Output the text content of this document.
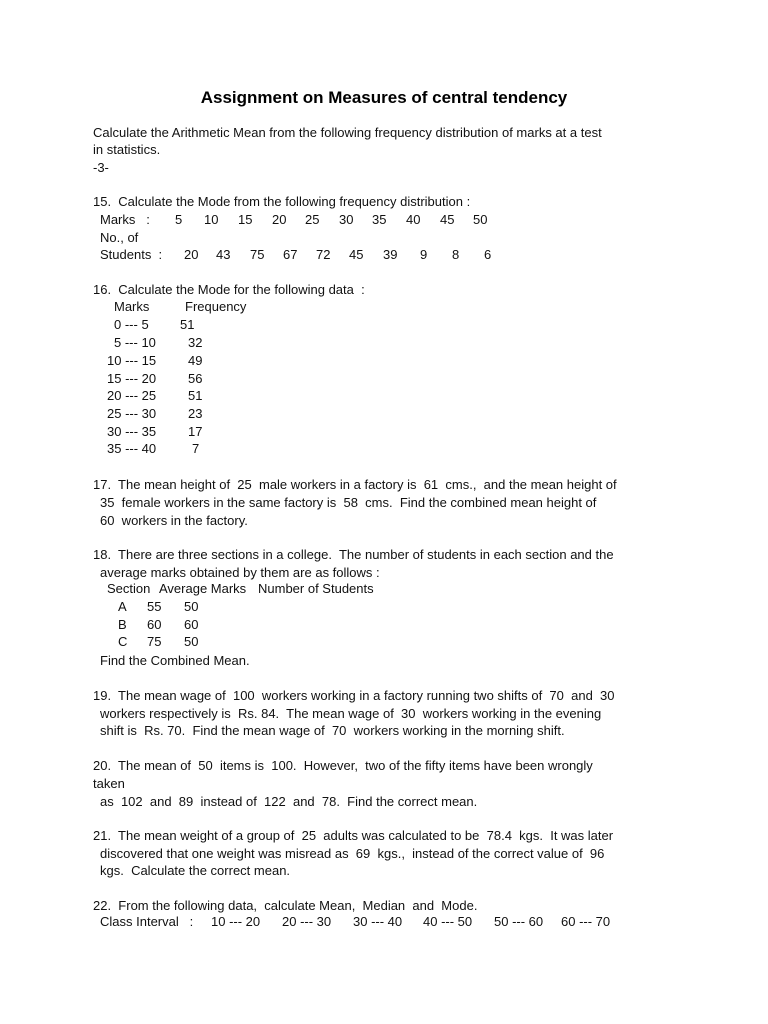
Assignment on Measures of central tendency
Calculate the Arithmetic Mean from the following frequency distribution of marks at a test
in statistics.
-3-
15.  Calculate the Mode from the following frequency distribution :
Marks   : 5 10 15 20 25 30 35 40 45 50
No., of
Students  : 20 43 75 67 72 45 39 9 8 6
16.  Calculate the Mode for the following data  :
Marks	Frequency
0 --- 5 51
5 --- 10 32
10 --- 15 49
15 --- 20 56
20 --- 25 51
25 --- 30 23
30 --- 35 17
35 --- 40	7
17.  The mean height of  25  male workers in a factory is  61  cms.,  and the mean height of
35  female workers in the same factory is  58  cms.  Find the combined mean height of
60  workers in the factory.
18.  There are three sections in a college.  The number of students in each section and the
average marks obtained by them are as follows :
Section Average Marks Number of Students
A 55 50
B 60 60
C 75 50
Find the Combined Mean.
19.  The mean wage of  100  workers working in a factory running two shifts of  70  and  30
workers respectively is  Rs. 84.  The mean wage of  30  workers working in the evening
shift is  Rs. 70.  Find the mean wage of  70  workers working in the morning shift.
20.  The mean of  50  items is  100.  However,  two of the fifty items have been wrongly
taken
as  102  and  89  instead of  122  and  78.  Find the correct mean.
21.  The mean weight of a group of  25  adults was calculated to be  78.4  kgs.  It was later
discovered that one weight was misread as  69  kgs.,  instead of the correct value of  96
kgs.  Calculate the correct mean.
22.  From the following data,  calculate Mean,  Median  and  Mode.
Class Interval   : 10 --- 20 20 --- 30 30 --- 40 40 --- 50 50 --- 60 60 --- 70
